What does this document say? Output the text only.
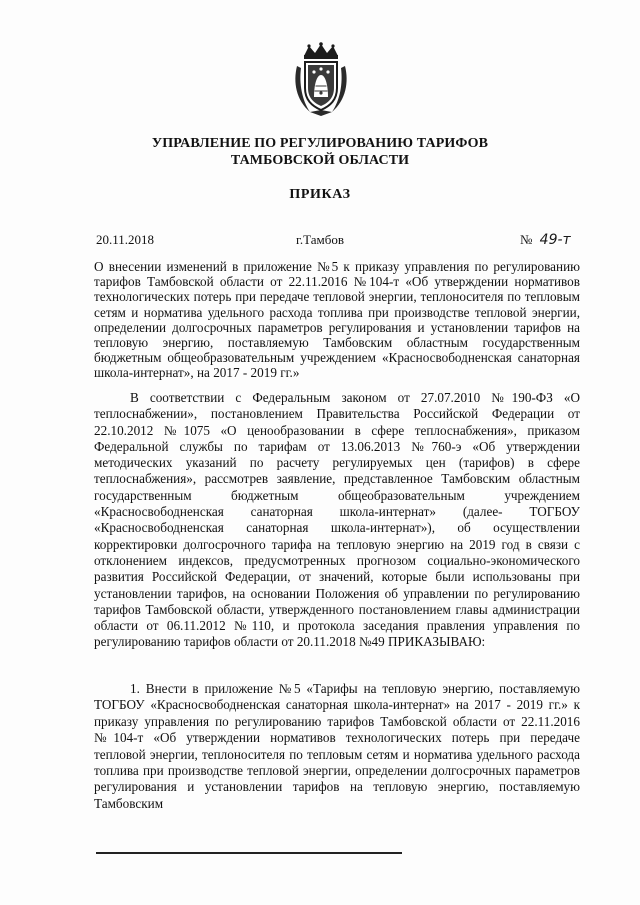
УПРАВЛЕНИЕ ПО РЕГУЛИРОВАНИЮ ТАРИФОВ
ТАМБОВСКОЙ ОБЛАСТИ
ПРИКАЗ
20.11.2018	г.Тамбов	№ 49-т

О внесении изменений в приложение №5 к приказу управления по регулированию тарифов Тамбовской области от 22.11.2016 №104-т «Об утверждении нормативов технологических потерь при передаче тепловой энергии, теплоносителя по тепловым сетям и норматива удельного расхода топлива при производстве тепловой энергии, определении долгосрочных параметров регулирования и установлении тарифов на тепловую энергию, поставляемую Тамбовским областным государственным бюджетным общеобразовательным учреждением «Красносвободненская санаторная школа-интернат», на 2017 - 2019 гг.»

В соответствии с Федеральным законом от 27.07.2010 №190-ФЗ «О теплоснабжении», постановлением Правительства Российской Федерации от 22.10.2012 №1075 «О ценообразовании в сфере теплоснабжения», приказом Федеральной службы по тарифам от 13.06.2013 №760-э «Об утверждении методических указаний по расчету регулируемых цен (тарифов) в сфере теплоснабжения», рассмотрев заявление, представленное Тамбовским областным государственным бюджетным общеобразовательным учреждением «Красносвободненская санаторная школа-интернат» (далее- ТОГБОУ «Красносвободненская санаторная школа-интернат»), об осуществлении корректировки долгосрочного тарифа на тепловую энергию на 2019 год в связи с отклонением индексов, предусмотренных прогнозом социально-экономического развития Российской Федерации, от значений, которые были использованы при установлении тарифов, на основании Положения об управлении по регулированию тарифов Тамбовской области, утвержденного постановлением главы администрации области от 06.11.2012 №110, и протокола заседания правления управления по регулированию тарифов области от 20.11.2018 №49 ПРИКАЗЫВАЮ:

1. Внести в приложение №5 «Тарифы на тепловую энергию, поставляемую ТОГБОУ «Красносвободненская санаторная школа-интернат» на 2017 - 2019 гг.» к приказу управления по регулированию тарифов Тамбовской области от 22.11.2016 №104-т «Об утверждении нормативов технологических потерь при передаче тепловой энергии, теплоносителя по тепловым сетям и норматива удельного расхода топлива при производстве тепловой энергии, определении долгосрочных параметров регулирования и установлении тарифов на тепловую энергию, поставляемую Тамбовским
